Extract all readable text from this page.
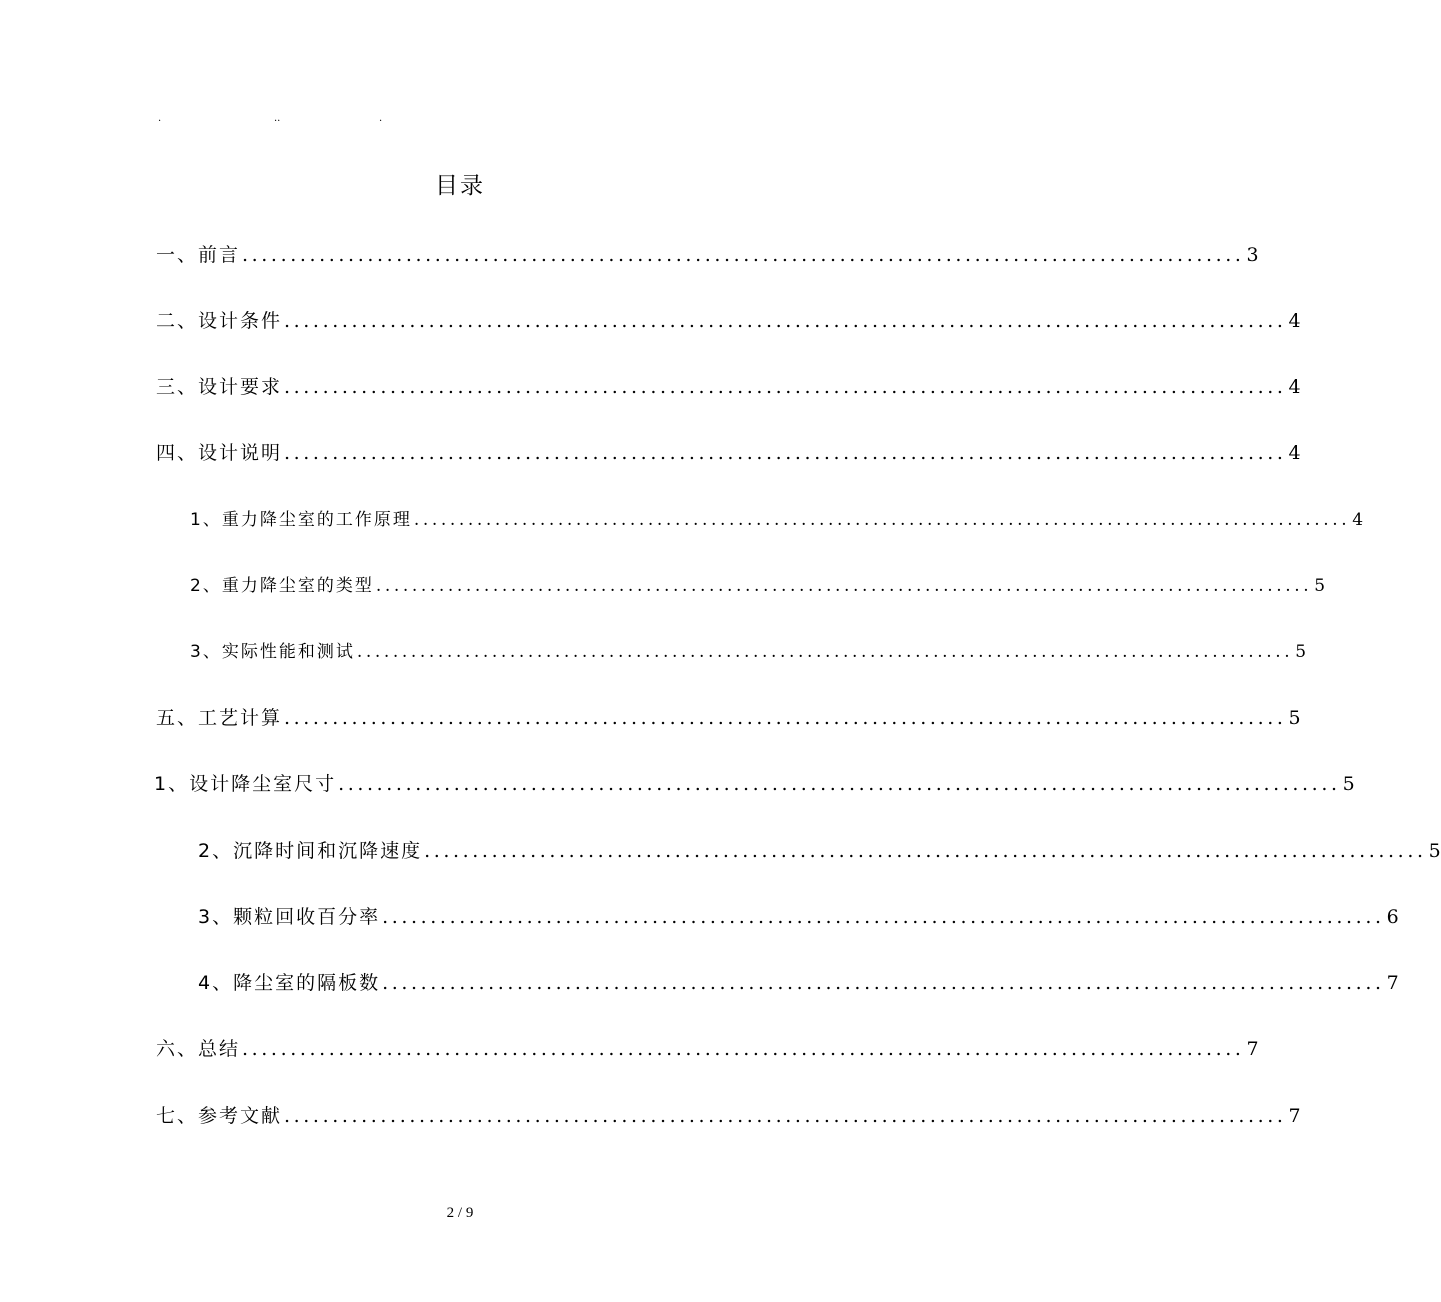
.	..	.
目录
一、前言 ........................................................................................................ 3
二、设计条件 ........................................................................................................ 4
三、设计要求 ........................................................................................................ 4
四、设计说明 ........................................................................................................ 4
1、重力降尘室的工作原理 ........................................................................................................ 4
2、重力降尘室的类型 ........................................................................................................ 5
3、实际性能和测试 ........................................................................................................ 5
五、工艺计算 ........................................................................................................ 5
1、设计降尘室尺寸 ........................................................................................................ 5
2、沉降时间和沉降速度 ........................................................................................................ 5
3、颗粒回收百分率 ........................................................................................................ 6
4、降尘室的隔板数 ........................................................................................................ 7
六、总结 ........................................................................................................ 7
七、参考文献 ........................................................................................................ 7
2 / 9
